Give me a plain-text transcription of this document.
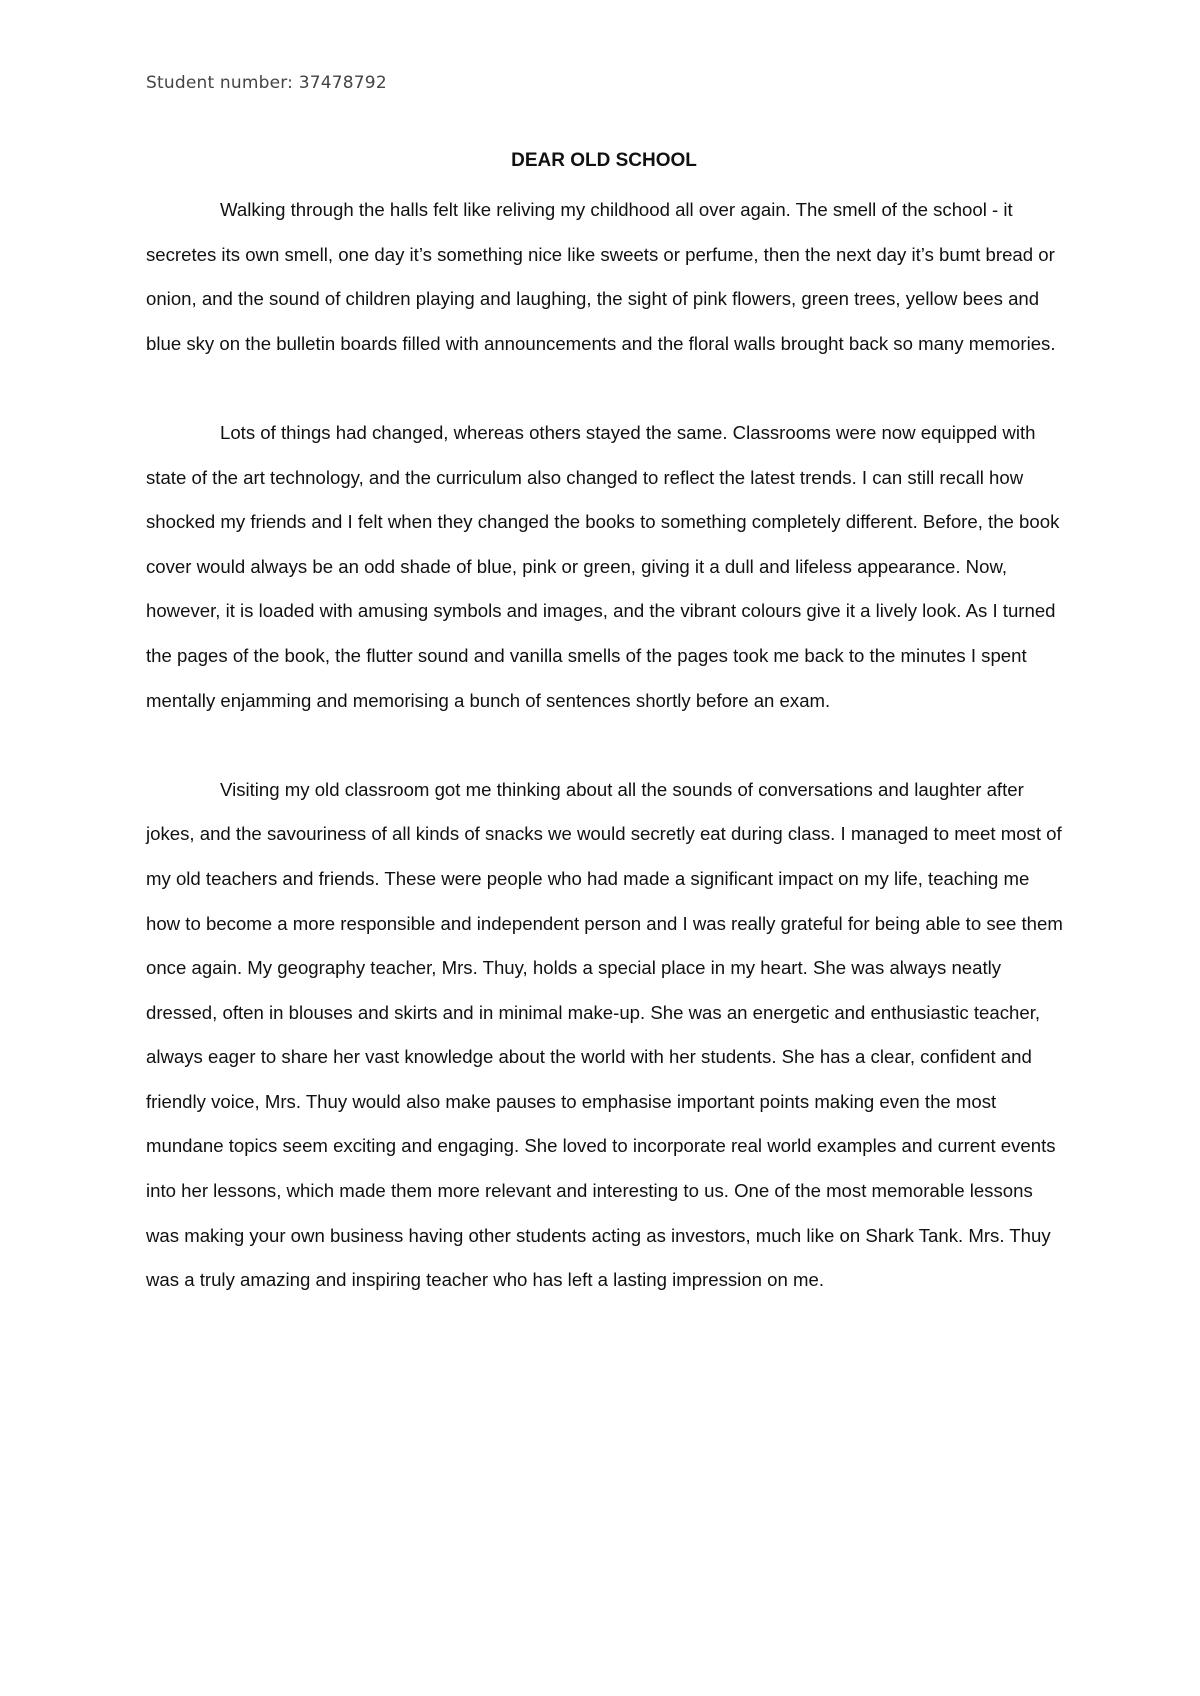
Student number: 37478792
DEAR OLD SCHOOL

Walking through the halls felt like reliving my childhood all over again. The smell of the school - it secretes its own smell, one day it’s something nice like sweets or perfume, then the next day it’s bumt bread or onion, and the sound of children playing and laughing, the sight of pink flowers, green trees, yellow bees and blue sky on the bulletin boards filled with announcements and the floral walls brought back so many memories.

Lots of things had changed, whereas others stayed the same. Classrooms were now equipped with state of the art technology, and the curriculum also changed to reflect the latest trends. I can still recall how shocked my friends and I felt when they changed the books to something completely different. Before, the book cover would always be an odd shade of blue, pink or green, giving it a dull and lifeless appearance. Now, however, it is loaded with amusing symbols and images, and the vibrant colours give it a lively look. As I turned the pages of the book, the flutter sound and vanilla smells of the pages took me back to the minutes I spent mentally enjamming and memorising a bunch of sentences shortly before an exam.

Visiting my old classroom got me thinking about all the sounds of conversations and laughter after jokes, and the savouriness of all kinds of snacks we would secretly eat during class. I managed to meet most of my old teachers and friends. These were people who had made a significant impact on my life, teaching me how to become a more responsible and independent person and I was really grateful for being able to see them once again. My geography teacher, Mrs. Thuy, holds a special place in my heart. She was always neatly dressed, often in blouses and skirts and in minimal make-up. She was an energetic and enthusiastic teacher, always eager to share her vast knowledge about the world with her students. She has a clear, confident and friendly voice, Mrs. Thuy would also make pauses to emphasise important points making even the most mundane topics seem exciting and engaging. She loved to incorporate real world examples and current events into her lessons, which made them more relevant and interesting to us. One of the most memorable lessons was making your own business having other students acting as investors, much like on Shark Tank. Mrs. Thuy was a truly amazing and inspiring teacher who has left a lasting impression on me.
